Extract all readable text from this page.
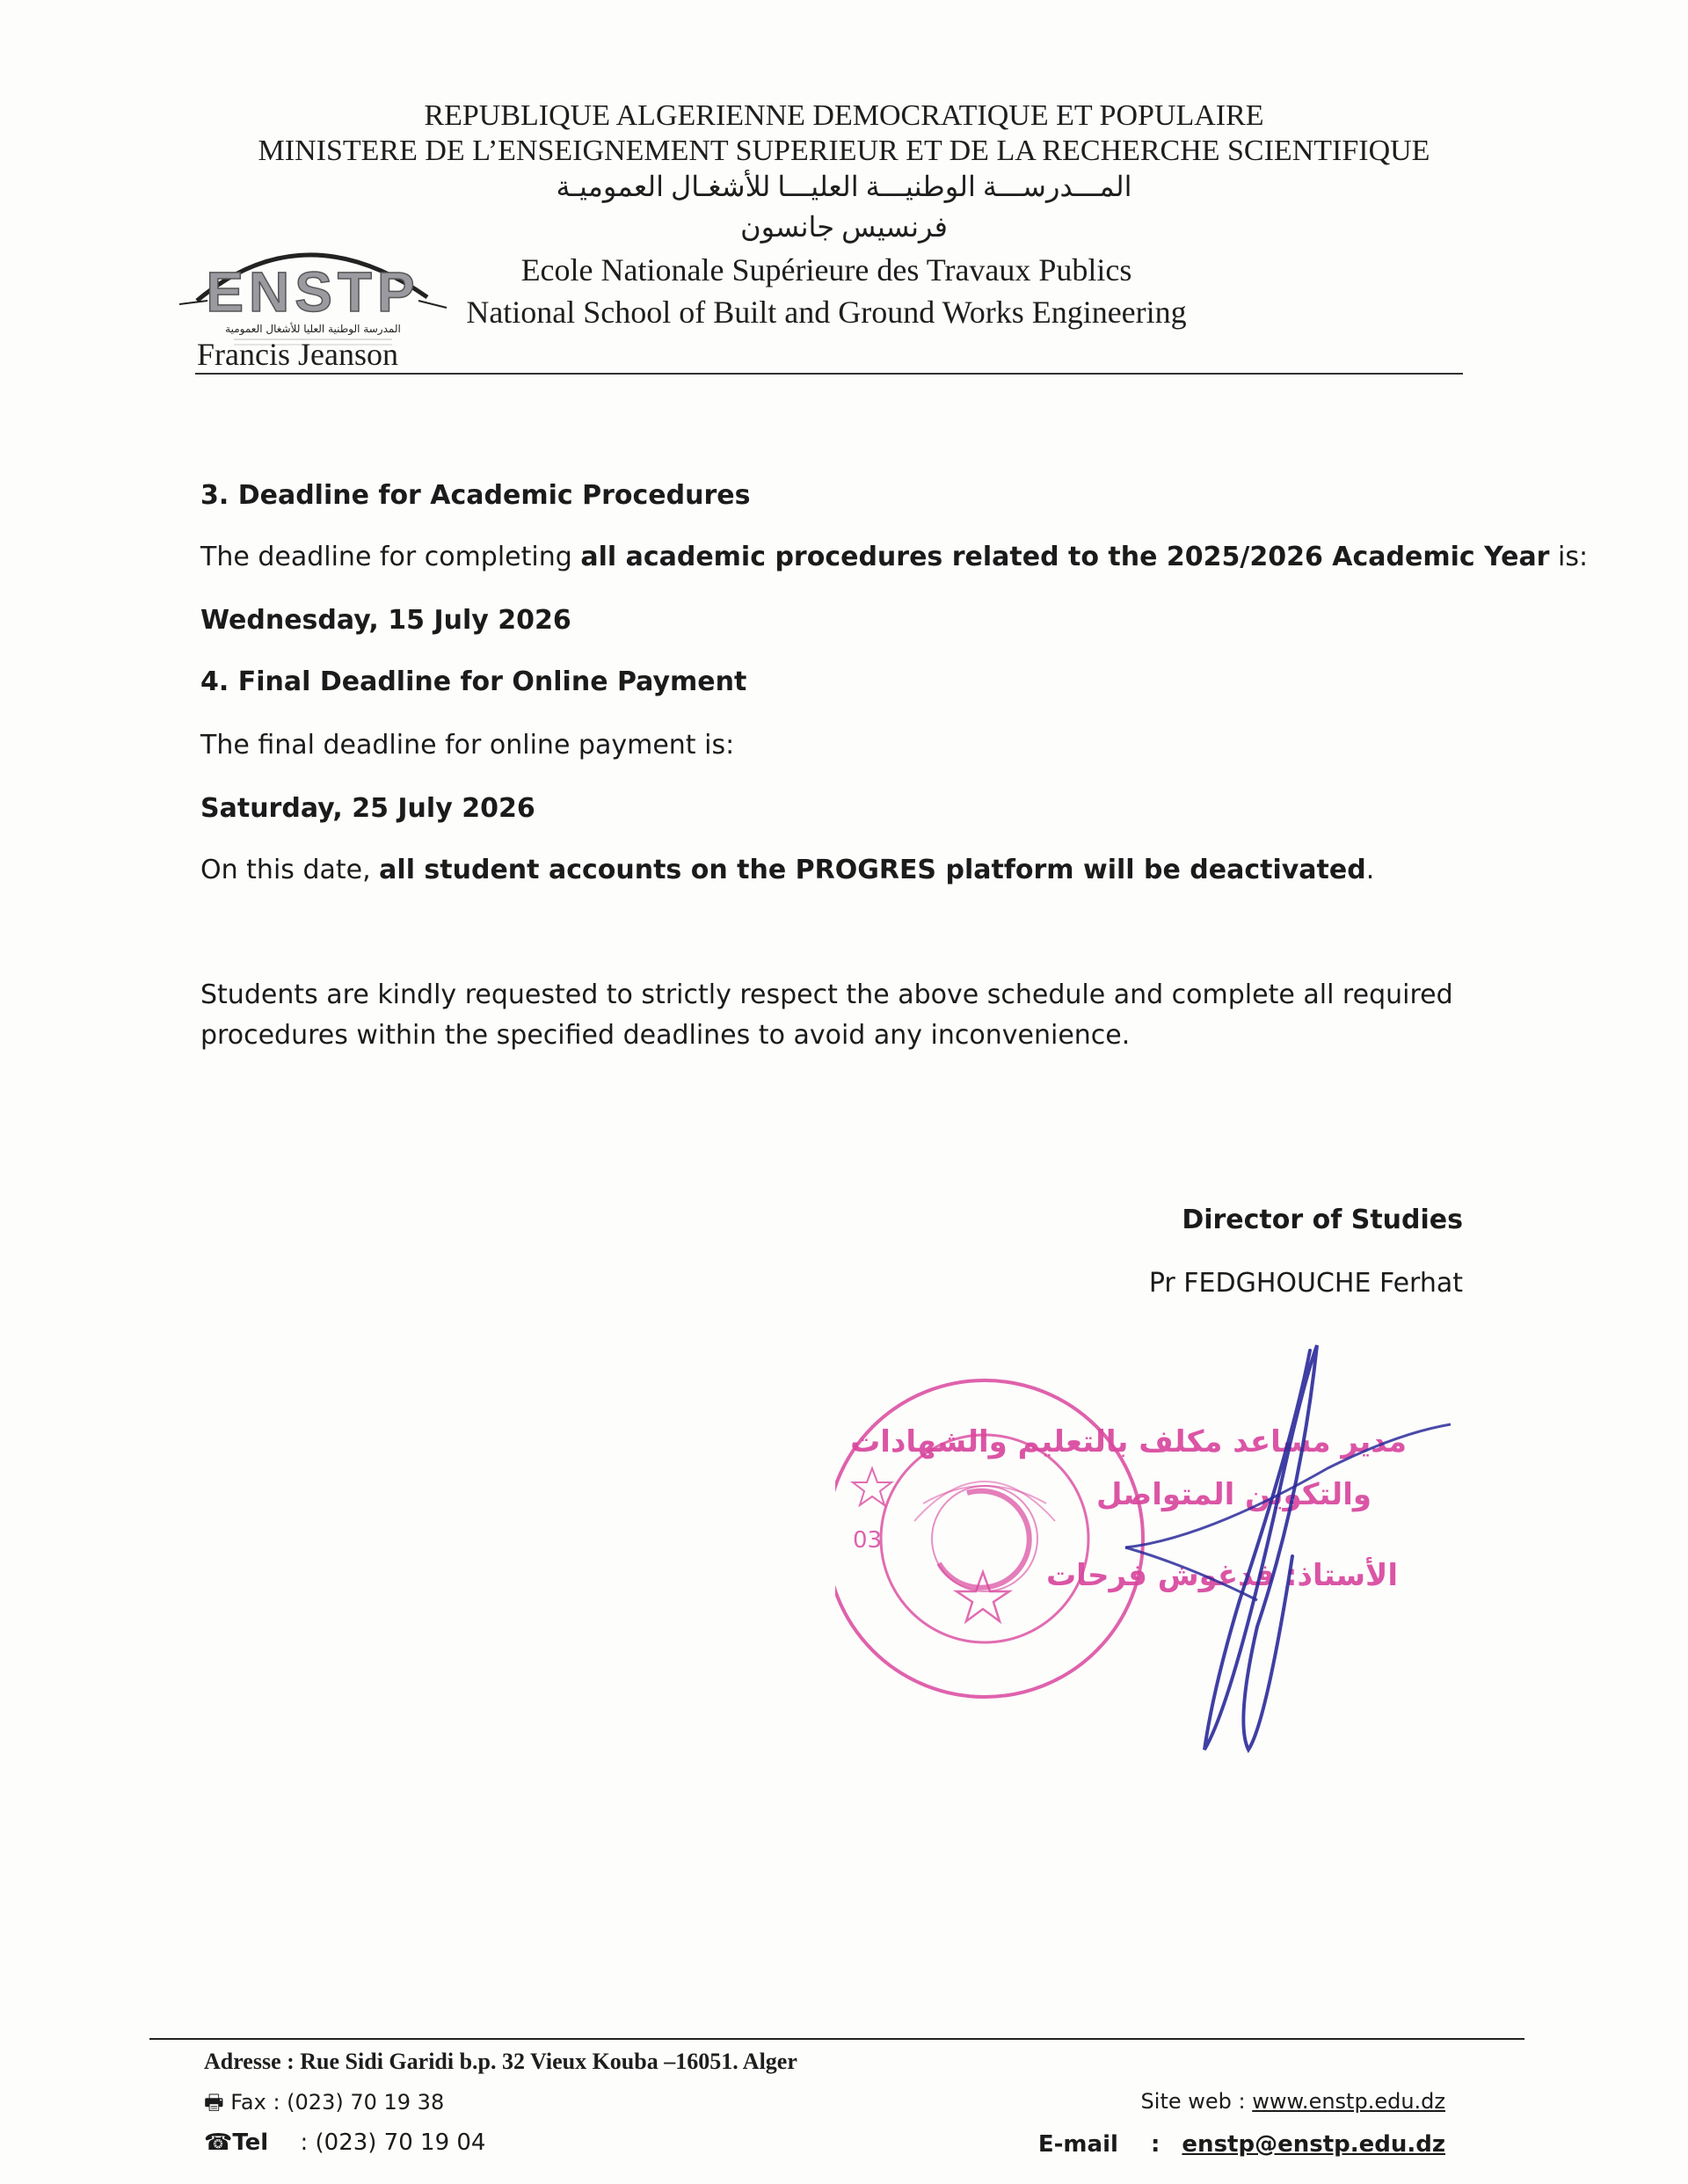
REPUBLIQUE ALGERIENNE DEMOCRATIQUE ET POPULAIRE
MINISTERE DE L’ENSEIGNEMENT SUPERIEUR ET DE LA RECHERCHE SCIENTIFIQUE
المـــدرســـة الوطنيـــة العليـــا للأشغـال العموميـة
فرنسيس جانسون
ENSTP
المدرسة الوطنية العليا للأشغال العمومية
Ecole Nationale Supérieure des Travaux Publics
National School of Built and Ground Works Engineering
Francis Jeanson
3. Deadline for Academic Procedures
The deadline for completing all academic procedures related to the 2025/2026 Academic Year is:
Wednesday, 15 July 2026
4. Final Deadline for Online Payment
The final deadline for online payment is:
Saturday, 25 July 2026
On this date, all student accounts on the PROGRES platform will be deactivated.
Students are kindly requested to strictly respect the above schedule and complete all required
procedures within the specified deadlines to avoid any inconvenience.
Director of Studies
Pr FEDGHOUCHE Ferhat
03
مدير مساعد مكلف بالتعليم والشهادات
والتكوين المتواصل
الأستاذ: فدغوش فرحات
Adresse : Rue Sidi Garidi b.p. 32 Vieux Kouba –16051. Alger
🖶 Fax : (023) 70 19 38
☎Tel : (023) 70 19 04
Site web : www.enstp.edu.dz
E-mail : enstp@enstp.edu.dz
